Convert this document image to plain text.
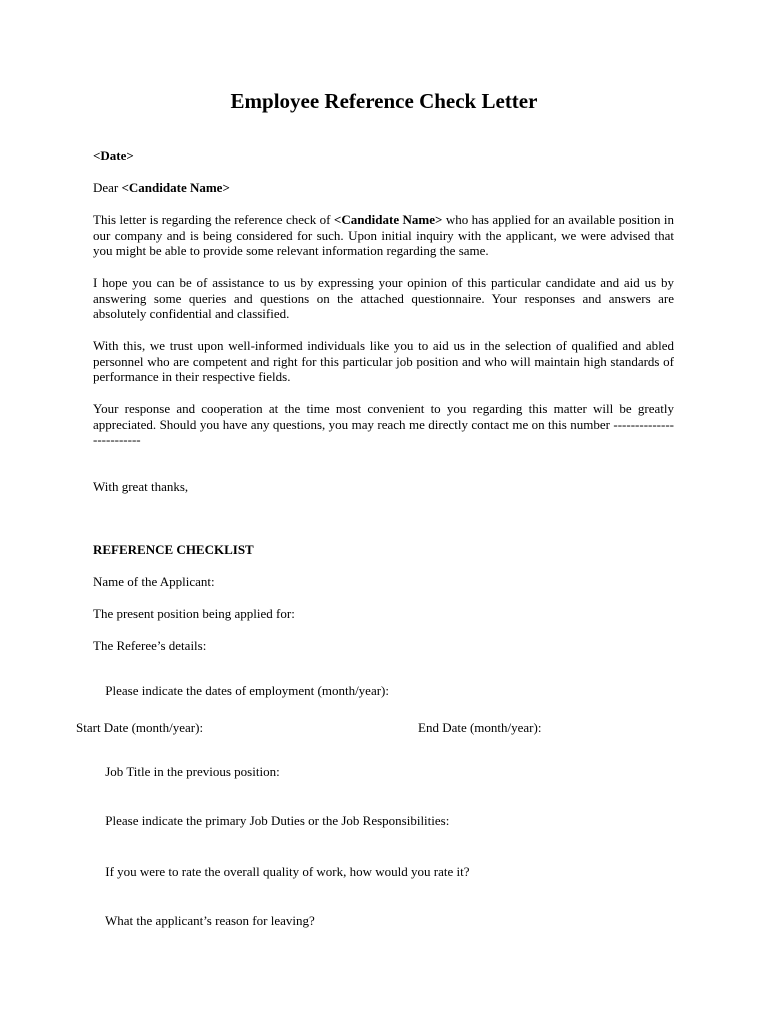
Employee Reference Check Letter
<Date>
Dear <Candidate Name>
This letter is regarding the reference check of <Candidate Name> who has applied for an available position in our company and is being considered for such. Upon initial inquiry with the applicant, we were advised that you might be able to provide some relevant information regarding the same.
I hope you can be of assistance to us by expressing your opinion of this particular candidate and aid us by answering some queries and questions on the attached questionnaire. Your responses and answers are absolutely confidential and classified.
With this, we trust upon well-informed individuals like you to aid us in the selection of qualified and abled personnel who are competent and right for this particular job position and who will maintain high standards of performance in their respective fields.
Your response and cooperation at the time most convenient to you regarding this matter will be greatly appreciated. Should you have any questions, you may reach me directly contact me on this number -------------------------
With great thanks,
REFERENCE CHECKLIST
Name of the Applicant:
The present position being applied for:
The Referee’s details:
Please indicate the dates of employment (month/year):
Start Date (month/year):	End Date (month/year):
Job Title in the previous position:
Please indicate the primary Job Duties or the Job Responsibilities:
If you were to rate the overall quality of work, how would you rate it?
What the applicant’s reason for leaving?
